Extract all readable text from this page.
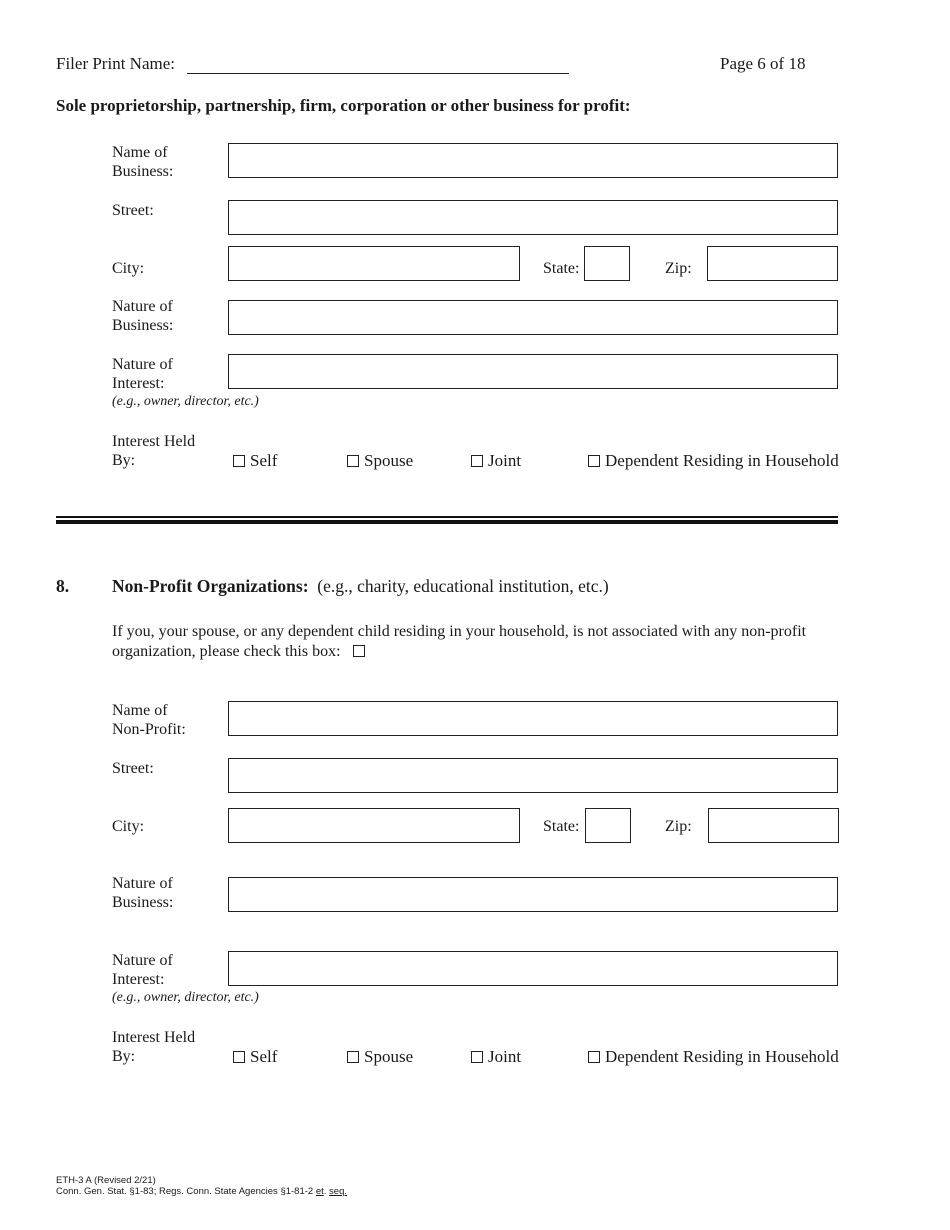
Filer Print Name:	Page 6 of 18
Sole proprietorship, partnership, firm, corporation or other business for profit:
Name of
Business:
Street:
City:	State:	Zip:
Nature of
Business:
Nature of
Interest:
(e.g., owner, director, etc.)
Interest Held
By:	Self	Spouse	Joint	Dependent Residing in Household
8. Non-Profit Organizations: (e.g., charity, educational institution, etc.)
If you, your spouse, or any dependent child residing in your household, is not associated with any non-profit organization, please check this box:
Name of
Non-Profit:
Street:
City:	State:	Zip:
Nature of
Business:
Nature of
Interest:
(e.g., owner, director, etc.)
Interest Held
By:	Self	Spouse	Joint	Dependent Residing in Household
ETH-3 A (Revised 2/21)
Conn. Gen. Stat. §1-83; Regs. Conn. State Agencies §1-81-2 et. seq.
